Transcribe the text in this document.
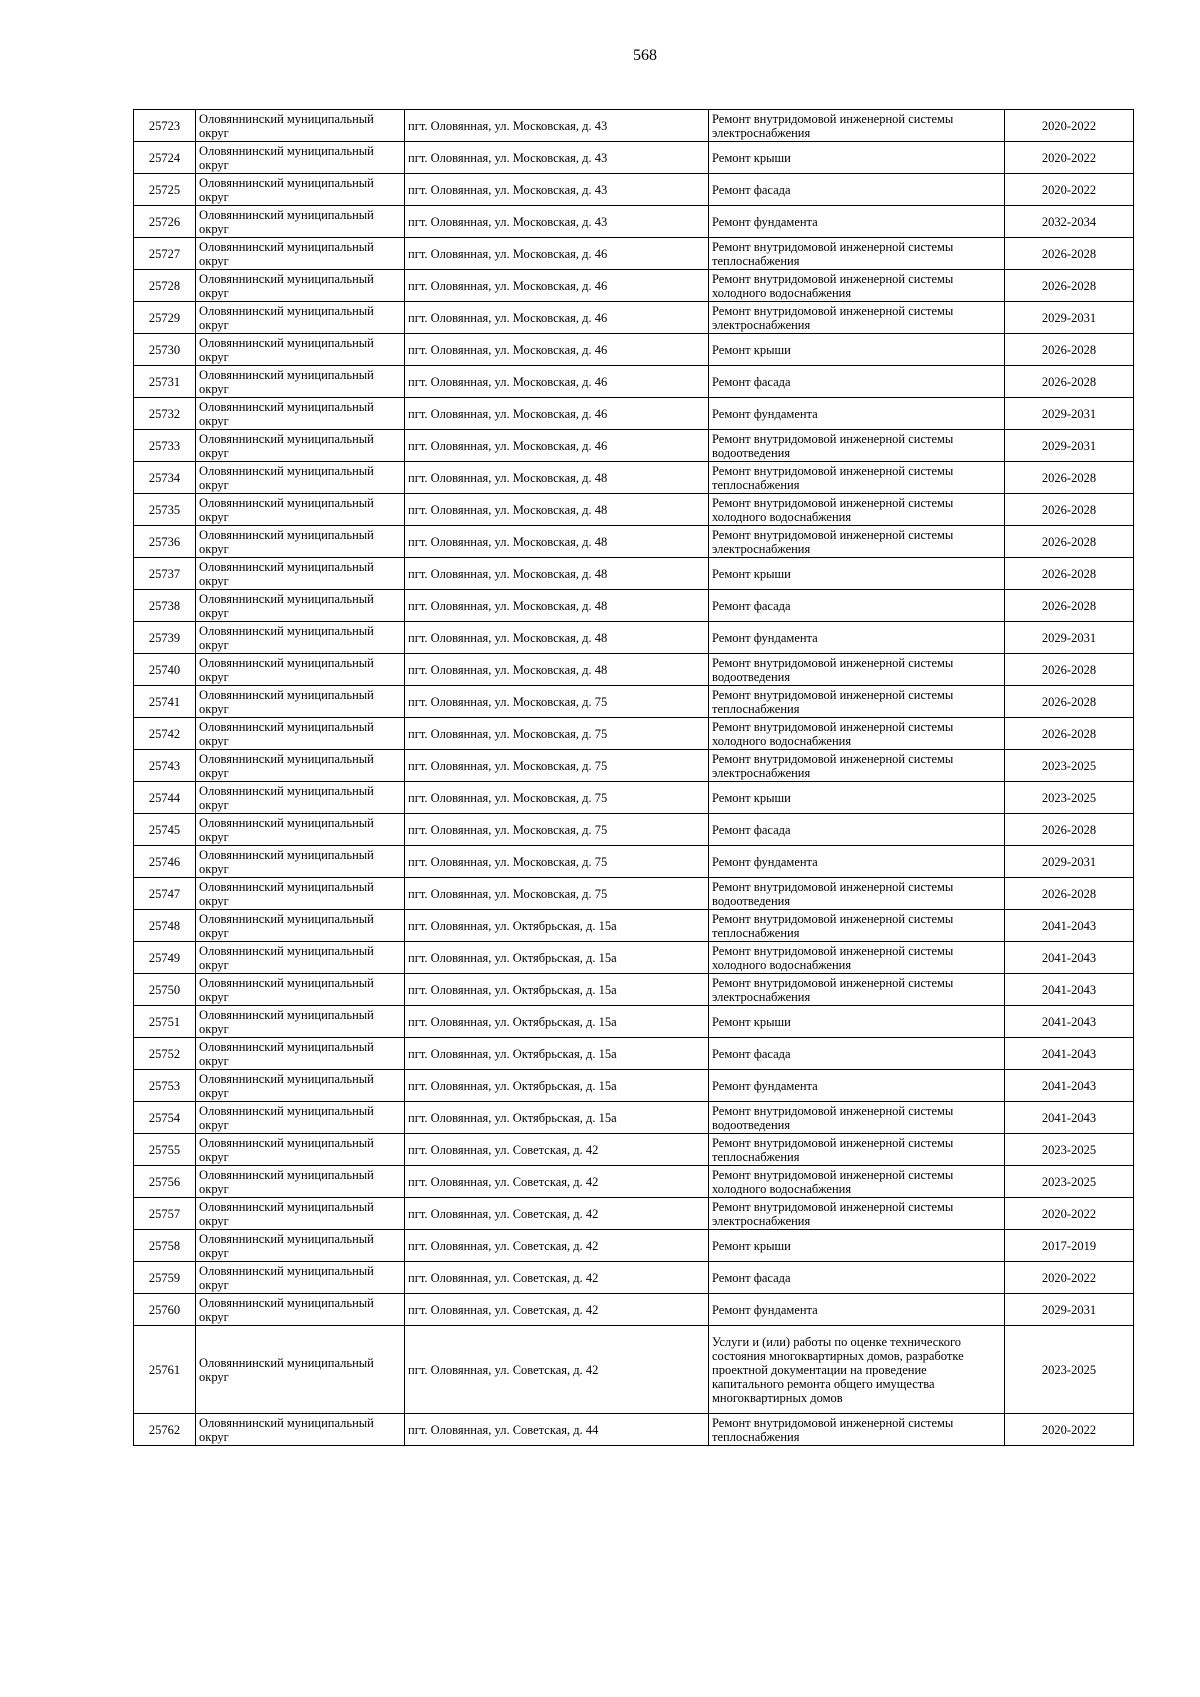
568
25723	Оловяннинский муниципальный округ	пгт. Оловянная, ул. Московская, д. 43	Ремонт внутридомовой инженерной системы электроснабжения	2020-2022
25724	Оловяннинский муниципальный округ	пгт. Оловянная, ул. Московская, д. 43	Ремонт крыши	2020-2022
25725	Оловяннинский муниципальный округ	пгт. Оловянная, ул. Московская, д. 43	Ремонт фасада	2020-2022
25726	Оловяннинский муниципальный округ	пгт. Оловянная, ул. Московская, д. 43	Ремонт фундамента	2032-2034
25727	Оловяннинский муниципальный округ	пгт. Оловянная, ул. Московская, д. 46	Ремонт внутридомовой инженерной системы теплоснабжения	2026-2028
25728	Оловяннинский муниципальный округ	пгт. Оловянная, ул. Московская, д. 46	Ремонт внутридомовой инженерной системы холодного водоснабжения	2026-2028
25729	Оловяннинский муниципальный округ	пгт. Оловянная, ул. Московская, д. 46	Ремонт внутридомовой инженерной системы электроснабжения	2029-2031
25730	Оловяннинский муниципальный округ	пгт. Оловянная, ул. Московская, д. 46	Ремонт крыши	2026-2028
25731	Оловяннинский муниципальный округ	пгт. Оловянная, ул. Московская, д. 46	Ремонт фасада	2026-2028
25732	Оловяннинский муниципальный округ	пгт. Оловянная, ул. Московская, д. 46	Ремонт фундамента	2029-2031
25733	Оловяннинский муниципальный округ	пгт. Оловянная, ул. Московская, д. 46	Ремонт внутридомовой инженерной системы водоотведения	2029-2031
25734	Оловяннинский муниципальный округ	пгт. Оловянная, ул. Московская, д. 48	Ремонт внутридомовой инженерной системы теплоснабжения	2026-2028
25735	Оловяннинский муниципальный округ	пгт. Оловянная, ул. Московская, д. 48	Ремонт внутридомовой инженерной системы холодного водоснабжения	2026-2028
25736	Оловяннинский муниципальный округ	пгт. Оловянная, ул. Московская, д. 48	Ремонт внутридомовой инженерной системы электроснабжения	2026-2028
25737	Оловяннинский муниципальный округ	пгт. Оловянная, ул. Московская, д. 48	Ремонт крыши	2026-2028
25738	Оловяннинский муниципальный округ	пгт. Оловянная, ул. Московская, д. 48	Ремонт фасада	2026-2028
25739	Оловяннинский муниципальный округ	пгт. Оловянная, ул. Московская, д. 48	Ремонт фундамента	2029-2031
25740	Оловяннинский муниципальный округ	пгт. Оловянная, ул. Московская, д. 48	Ремонт внутридомовой инженерной системы водоотведения	2026-2028
25741	Оловяннинский муниципальный округ	пгт. Оловянная, ул. Московская, д. 75	Ремонт внутридомовой инженерной системы теплоснабжения	2026-2028
25742	Оловяннинский муниципальный округ	пгт. Оловянная, ул. Московская, д. 75	Ремонт внутридомовой инженерной системы холодного водоснабжения	2026-2028
25743	Оловяннинский муниципальный округ	пгт. Оловянная, ул. Московская, д. 75	Ремонт внутридомовой инженерной системы электроснабжения	2023-2025
25744	Оловяннинский муниципальный округ	пгт. Оловянная, ул. Московская, д. 75	Ремонт крыши	2023-2025
25745	Оловяннинский муниципальный округ	пгт. Оловянная, ул. Московская, д. 75	Ремонт фасада	2026-2028
25746	Оловяннинский муниципальный округ	пгт. Оловянная, ул. Московская, д. 75	Ремонт фундамента	2029-2031
25747	Оловяннинский муниципальный округ	пгт. Оловянная, ул. Московская, д. 75	Ремонт внутридомовой инженерной системы водоотведения	2026-2028
25748	Оловяннинский муниципальный округ	пгт. Оловянная, ул. Октябрьская, д. 15а	Ремонт внутридомовой инженерной системы теплоснабжения	2041-2043
25749	Оловяннинский муниципальный округ	пгт. Оловянная, ул. Октябрьская, д. 15а	Ремонт внутридомовой инженерной системы холодного водоснабжения	2041-2043
25750	Оловяннинский муниципальный округ	пгт. Оловянная, ул. Октябрьская, д. 15а	Ремонт внутридомовой инженерной системы электроснабжения	2041-2043
25751	Оловяннинский муниципальный округ	пгт. Оловянная, ул. Октябрьская, д. 15а	Ремонт крыши	2041-2043
25752	Оловяннинский муниципальный округ	пгт. Оловянная, ул. Октябрьская, д. 15а	Ремонт фасада	2041-2043
25753	Оловяннинский муниципальный округ	пгт. Оловянная, ул. Октябрьская, д. 15а	Ремонт фундамента	2041-2043
25754	Оловяннинский муниципальный округ	пгт. Оловянная, ул. Октябрьская, д. 15а	Ремонт внутридомовой инженерной системы водоотведения	2041-2043
25755	Оловяннинский муниципальный округ	пгт. Оловянная, ул. Советская, д. 42	Ремонт внутридомовой инженерной системы теплоснабжения	2023-2025
25756	Оловяннинский муниципальный округ	пгт. Оловянная, ул. Советская, д. 42	Ремонт внутридомовой инженерной системы холодного водоснабжения	2023-2025
25757	Оловяннинский муниципальный округ	пгт. Оловянная, ул. Советская, д. 42	Ремонт внутридомовой инженерной системы электроснабжения	2020-2022
25758	Оловяннинский муниципальный округ	пгт. Оловянная, ул. Советская, д. 42	Ремонт крыши	2017-2019
25759	Оловяннинский муниципальный округ	пгт. Оловянная, ул. Советская, д. 42	Ремонт фасада	2020-2022
25760	Оловяннинский муниципальный округ	пгт. Оловянная, ул. Советская, д. 42	Ремонт фундамента	2029-2031
25761	Оловяннинский муниципальный округ	пгт. Оловянная, ул. Советская, д. 42	Услуги и (или) работы по оценке технического состояния многоквартирных домов, разработке проектной документации на проведение капитального ремонта общего имущества многоквартирных домов	2023-2025
25762	Оловяннинский муниципальный округ	пгт. Оловянная, ул. Советская, д. 44	Ремонт внутридомовой инженерной системы теплоснабжения	2020-2022
